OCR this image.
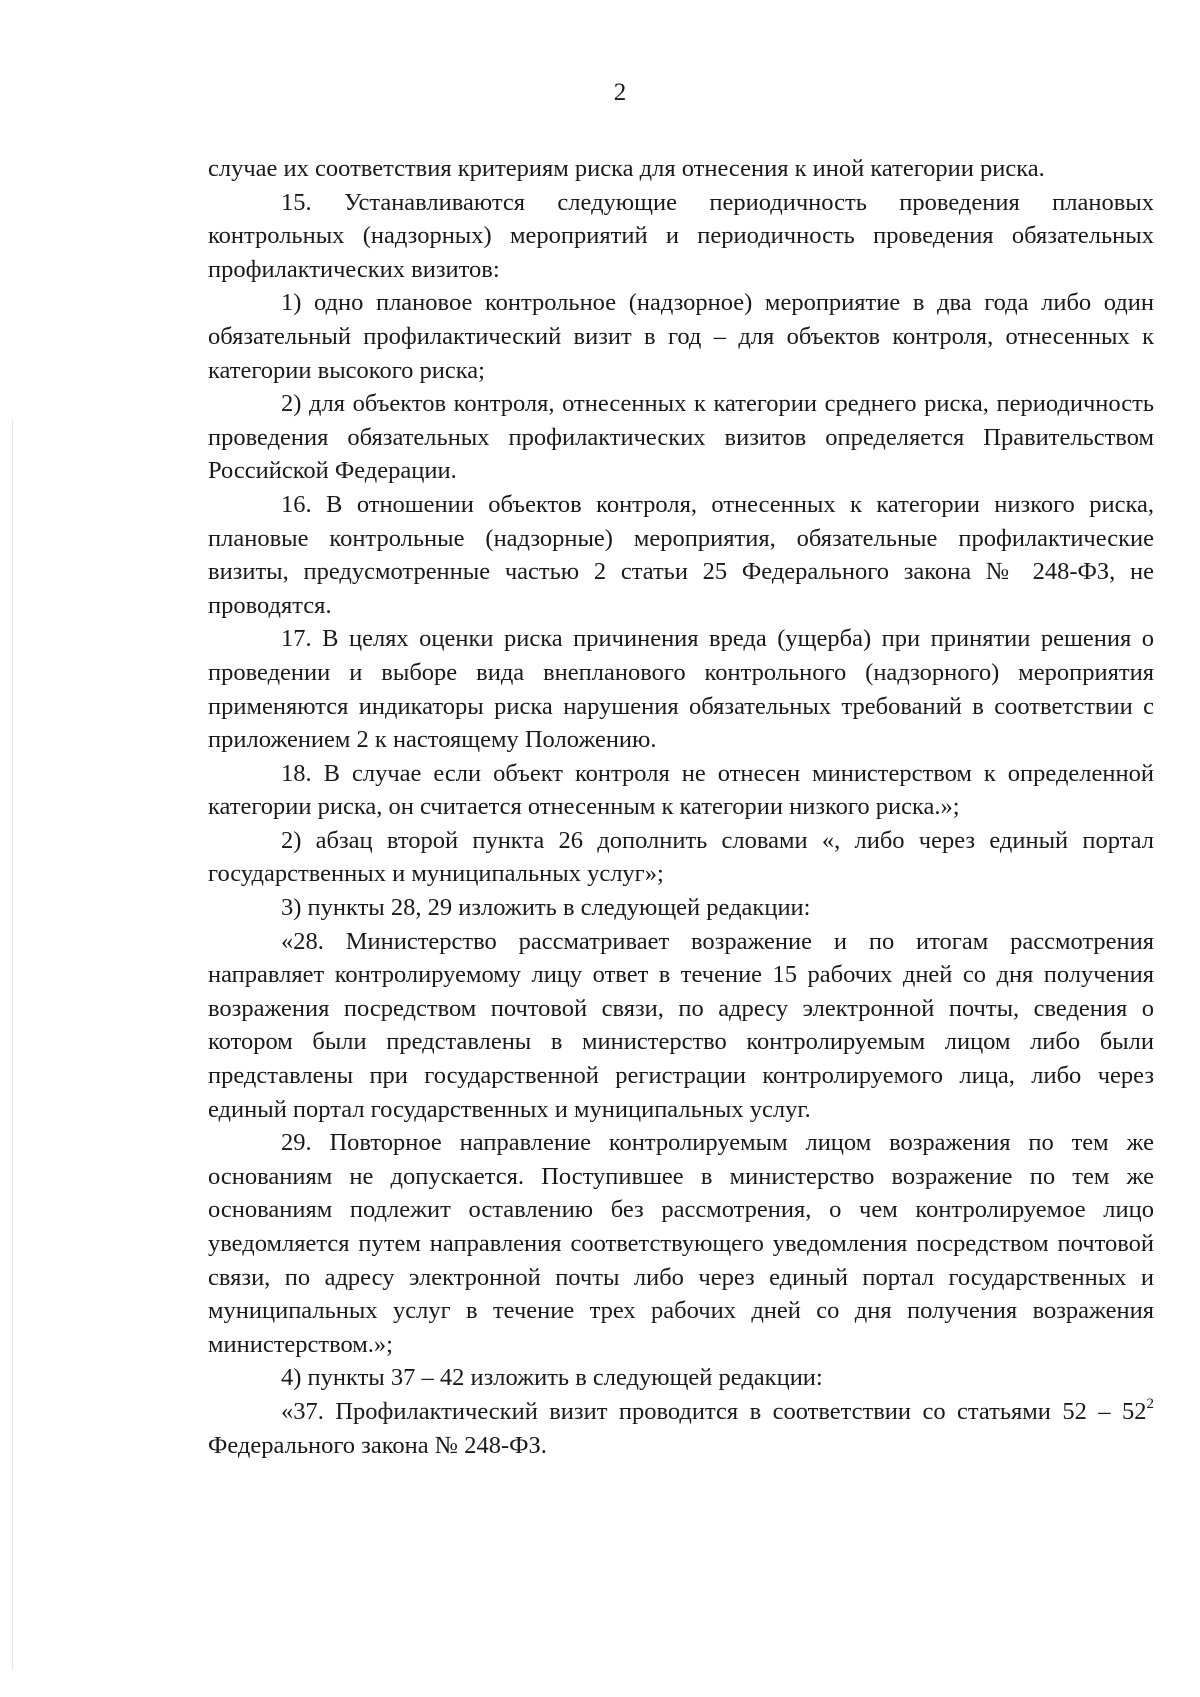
2

случае их соответствия критериям риска для отнесения к иной категории риска.

15. Устанавливаются следующие периодичность проведения плановых контрольных (надзорных) мероприятий и периодичность проведения обязательных профилактических визитов:

1) одно плановое контрольное (надзорное) мероприятие в два года либо один обязательный профилактический визит в год – для объектов контроля, отнесенных к категории высокого риска;

2) для объектов контроля, отнесенных к категории среднего риска, периодичность проведения обязательных профилактических визитов определяется Правительством Российской Федерации.

16. В отношении объектов контроля, отнесенных к категории низкого риска, плановые контрольные (надзорные) мероприятия, обязательные профилактические визиты, предусмотренные частью 2 статьи 25 Федерального закона № 248-ФЗ, не проводятся.

17. В целях оценки риска причинения вреда (ущерба) при принятии решения о проведении и выборе вида внепланового контрольного (надзорного) мероприятия применяются индикаторы риска нарушения обязательных требований в соответствии с приложением 2 к настоящему Положению.

18. В случае если объект контроля не отнесен министерством к определенной категории риска, он считается отнесенным к категории низкого риска.»;

2) абзац второй пункта 26 дополнить словами «, либо через единый портал государственных и муниципальных услуг»;

3) пункты 28, 29 изложить в следующей редакции:

«28. Министерство рассматривает возражение и по итогам рассмотрения направляет контролируемому лицу ответ в течение 15 рабочих дней со дня получения возражения посредством почтовой связи, по адресу электронной почты, сведения о котором были представлены в министерство контролируемым лицом либо были представлены при государственной регистрации контролируемого лица, либо через единый портал государственных и муниципальных услуг.

29. Повторное направление контролируемым лицом возражения по тем же основаниям не допускается. Поступившее в министерство возражение по тем же основаниям подлежит оставлению без рассмотрения, о чем контролируемое лицо уведомляется путем направления соответствующего уведомления посредством почтовой связи, по адресу электронной почты либо через единый портал государственных и муниципальных услуг в течение трех рабочих дней со дня получения возражения министерством.»;

4) пункты 37 – 42 изложить в следующей редакции:

«37. Профилактический визит проводится в соответствии со статьями $52 - 52^2$ Федерального закона № 248-ФЗ.
